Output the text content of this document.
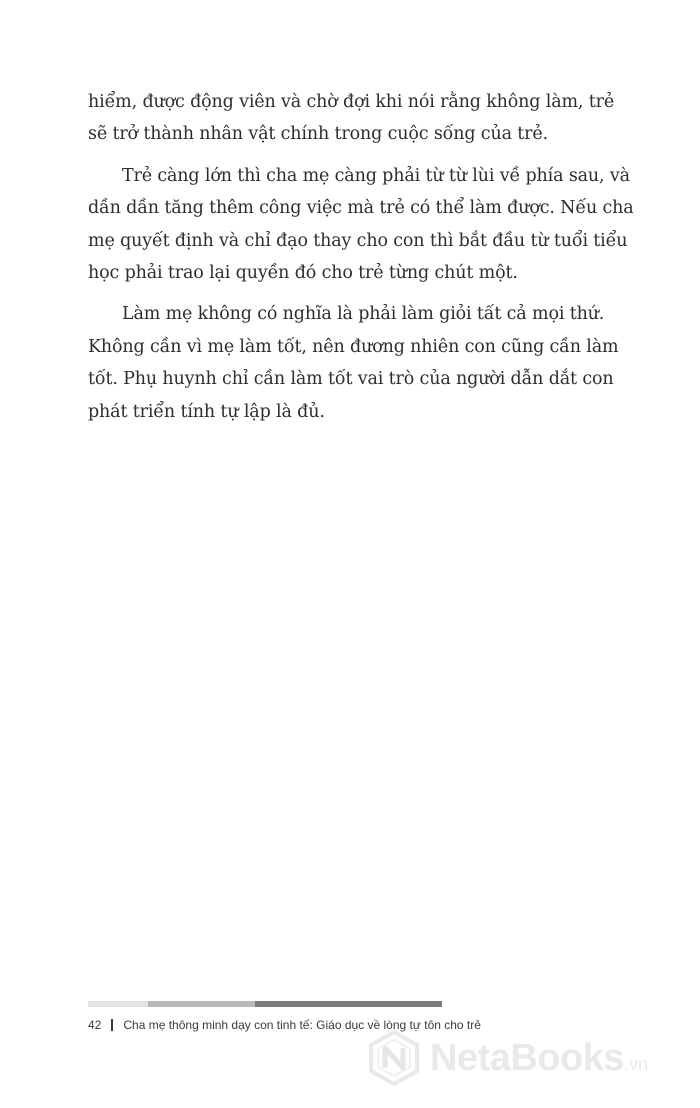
hiểm, được động viên và chờ đợi khi nói rằng không làm, trẻ
sẽ trở thành nhân vật chính trong cuộc sống của trẻ.

Trẻ càng lớn thì cha mẹ càng phải từ từ lùi về phía sau, và
dần dần tăng thêm công việc mà trẻ có thể làm được. Nếu cha
mẹ quyết định và chỉ đạo thay cho con thì bắt đầu từ tuổi tiểu
học phải trao lại quyền đó cho trẻ từng chút một.

Làm mẹ không có nghĩa là phải làm giỏi tất cả mọi thứ.
Không cần vì mẹ làm tốt, nên đương nhiên con cũng cần làm
tốt. Phụ huynh chỉ cần làm tốt vai trò của người dẫn dắt con
phát triển tính tự lập là đủ.

42 Cha mẹ thông minh dạy con tinh tế: Giáo dục về lòng tự tôn cho trẻ
NetaBooks.vn
